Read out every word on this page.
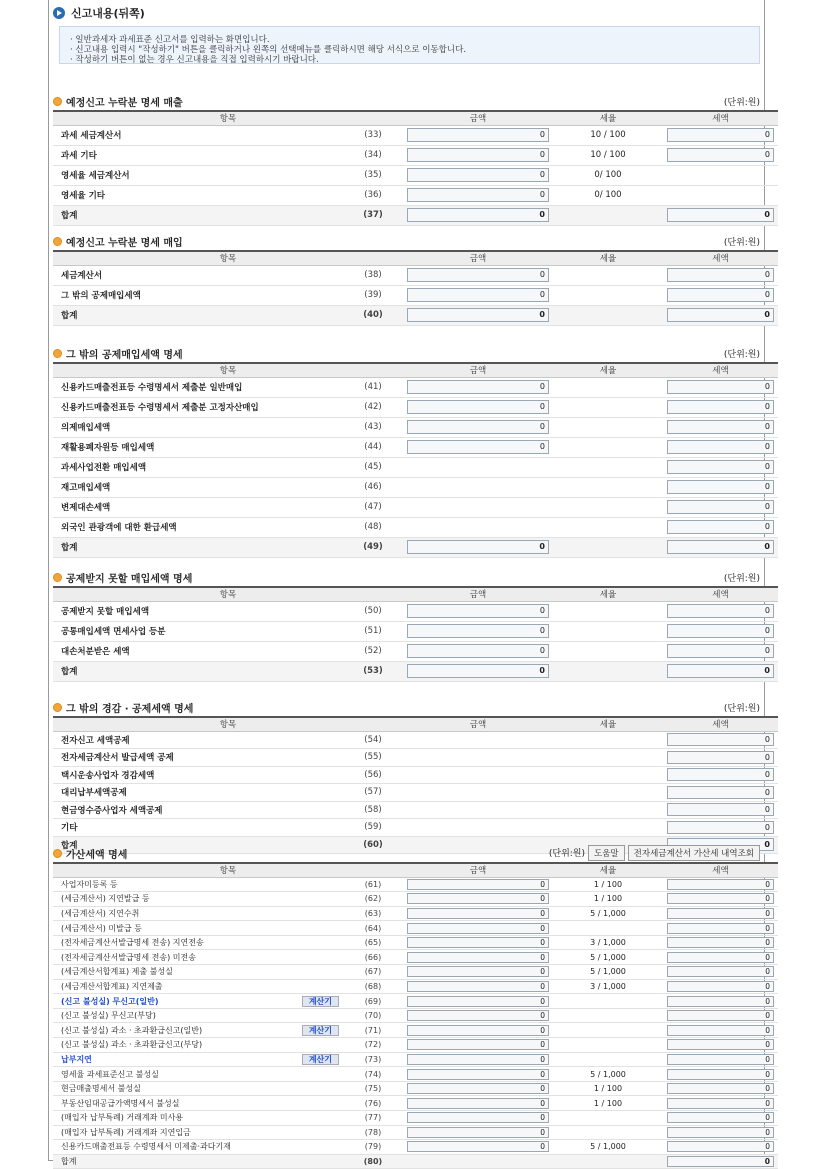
신고내용(뒤쪽)
· 일반과세자 과세표준 신고서를 입력하는 화면입니다.
· 신고내용 입력시 "작성하기" 버튼을 클릭하거나 왼쪽의 선택메뉴를 클릭하시면 해당 서식으로 이동합니다.
· 작성하기 버튼이 없는 경우 신고내용을 직접 입력하시기 바랍니다.
예정신고 누락분 명세 매출	(단위:원)
항목		금액	세율	세액
과세 세금계산서	(33)	0	10 / 100	0

과세 기타	(34)	0	10 / 100	0

영세율 세금계산서	(35)	0	0/ 100	
영세율 기타	(36)	0	0/ 100	
합계	(37)	0		0
예정신고 누락분 명세 매입	(단위:원)
항목		금액	세율	세액
세금계산서	(38)	0		0

그 밖의 공제매입세액	(39)	0		0

합계	(40)	0		0
그 밖의 공제매입세액 명세	(단위:원)
항목		금액	세율	세액
신용카드매출전표등 수령명세서 제출분 일반매입	(41)	0		0

신용카드매출전표등 수령명세서 제출분 고정자산매입	(42)	0		0

의제매입세액	(43)	0		0

재활용폐자원등 매입세액	(44)	0		0

과세사업전환 매입세액	(45)			0

재고매입세액	(46)			0

변제대손세액	(47)			0

외국인 관광객에 대한 환급세액	(48)			0

합계	(49)	0		0
공제받지 못할 매입세액 명세	(단위:원)
항목		금액	세율	세액
공제받지 못할 매입세액	(50)	0		0

공통매입세액 면세사업 등분	(51)	0		0

대손처분받은 세액	(52)	0		0

합계	(53)	0		0
그 밖의 경감 · 공제세액 명세	(단위:원)
항목		금액	세율	세액
전자신고 세액공제	(54)			0

전자세금계산서 발급세액 공제	(55)			0

택시운송사업자 경감세액	(56)			0

대리납부세액공제	(57)			0

현금영수증사업자 세액공제	(58)			0

기타	(59)			0

합계	(60)			0
가산세액 명세	(단위:원) 도움말 전자세금계산서 가산세 내역조회
항목		금액	세율	세액
사업자미등록 등	(61)	0	1 / 100	0

(세금계산서) 지연발급 등	(62)	0	1 / 100	0

(세금계산서) 지연수취	(63)	0	5 / 1,000	0

(세금계산서) 미발급 등	(64)	0		0

(전자세금계산서발급명세 전송) 지연전송	(65)	0	3 / 1,000	0

(전자세금계산서발급명세 전송) 미전송	(66)	0	5 / 1,000	0

(세금계산서합계표) 제출 불성실	(67)	0	5 / 1,000	0

(세금계산서합계표) 지연제출	(68)	0	3 / 1,000	0

(신고 불성실) 무신고(일반) 계산기	(69)	0		0

(신고 불성실) 무신고(부당)	(70)	0		0

(신고 불성실) 과소 · 초과환급신고(일반) 계산기	(71)	0		0

(신고 불성실) 과소 · 초과환급신고(부당)	(72)	0		0

납부지연 계산기	(73)	0		0

영세율 과세표준신고 불성실	(74)	0	5 / 1,000	0

현금매출명세서 불성실	(75)	0	1 / 100	0

부동산임대공급가액명세서 불성실	(76)	0	1 / 100	0

(매입자 납부특례) 거래계좌 미사용	(77)	0		0

(매입자 납부특례) 거래계좌 지연입금	(78)	0		0

신용카드매출전표등 수령명세서 미제출·과다기재	(79)	0	5 / 1,000	0

합계	(80)			0
